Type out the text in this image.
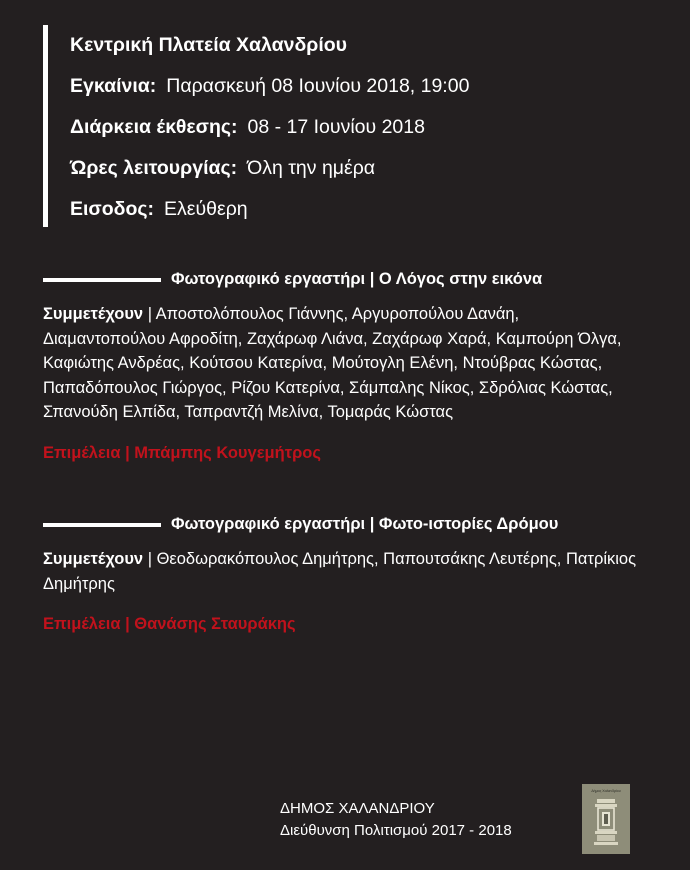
Κεντρική Πλατεία Χαλανδρίου
Εγκαίνια: Παρασκευή 08 Ιουνίου 2018, 19:00
Διάρκεια έκθεσης: 08 - 17 Ιουνίου 2018
Ώρες λειτουργίας: Όλη την ημέρα
Εισοδος: Ελεύθερη
Φωτογραφικό εργαστήρι | Ο Λόγος στην εικόνα
Συμμετέχουν | Αποστολόπουλος Γιάννης, Αργυροπούλου Δανάη, Διαμαντοπούλου Αφροδίτη, Ζαχάρωφ Λιάνα, Ζαχάρωφ Χαρά, Καμπούρη Όλγα, Καφιώτης Ανδρέας, Κούτσου Κατερίνα, Μούτογλη Ελένη, Ντούβρας Κώστας, Παπαδόπουλος Γιώργος, Ρίζου Κατερίνα, Σάμπαλης Νίκος, Σδρόλιας Κώστας, Σπανούδη Ελπίδα, Ταπραντζή Μελίνα, Τομαράς Κώστας
Επιμέλεια | Μπάμπης Κουγεμήτρος
Φωτογραφικό εργαστήρι | Φωτο-ιστορίες Δρόμου
Συμμετέχουν | Θεοδωρακόπουλος Δημήτρης, Παπουτσάκης Λευτέρης, Πατρίκιος Δημήτρης
Επιμέλεια | Θανάσης Σταυράκης
ΔΗΜΟΣ ΧΑΛΑΝΔΡΙΟΥ
Διεύθυνση Πολιτισμού 2017 - 2018
Δήμος Χαλανδρίου
